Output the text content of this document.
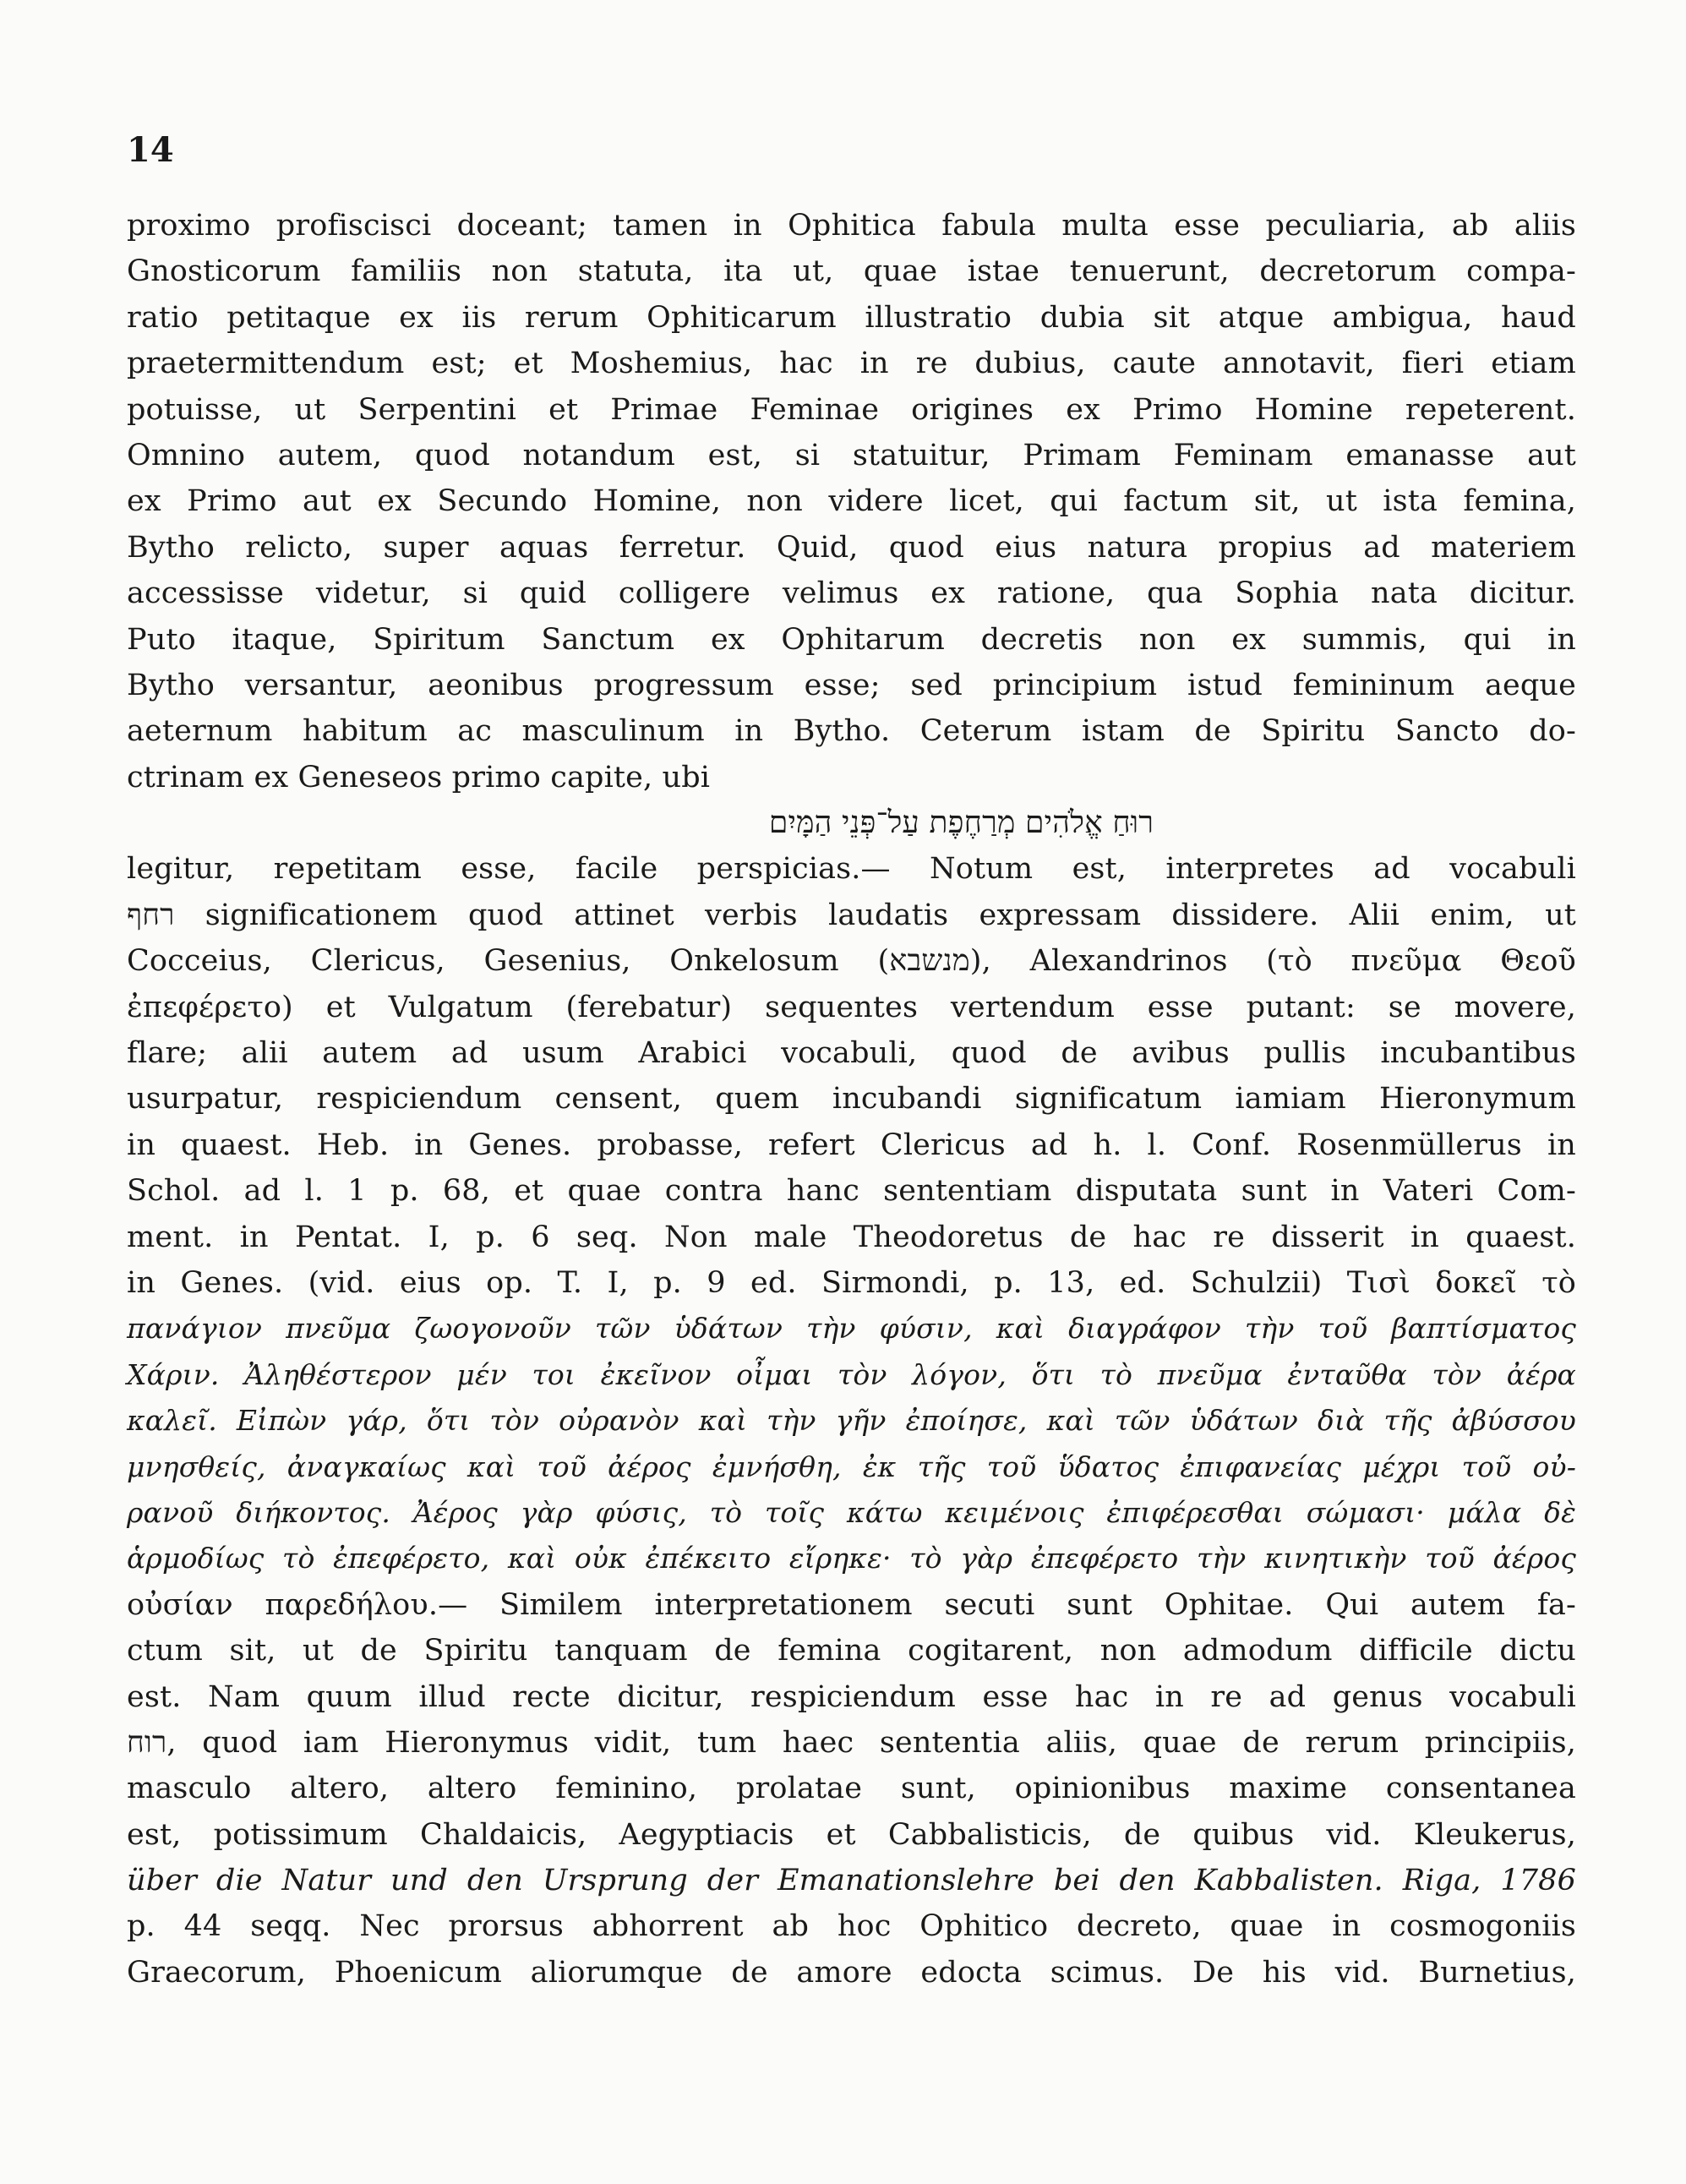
14
proximo profiscisci doceant; tamen in Ophitica fabula multa esse peculiaria, ab aliis
Gnosticorum familiis non statuta, ita ut, quae istae tenuerunt, decretorum compa-
ratio petitaque ex iis rerum Ophiticarum illustratio dubia sit atque ambigua, haud
praetermittendum est; et Moshemius, hac in re dubius, caute annotavit, fieri etiam
potuisse, ut Serpentini et Primae Feminae origines ex Primo Homine repeterent.
Omnino autem, quod notandum est, si statuitur, Primam Feminam emanasse aut
ex Primo aut ex Secundo Homine, non videre licet, qui factum sit, ut ista femina,
Bytho relicto, super aquas ferretur. Quid, quod eius natura propius ad materiem
accessisse videtur, si quid colligere velimus ex ratione, qua Sophia nata dicitur.
Puto itaque, Spiritum Sanctum ex Ophitarum decretis non ex summis, qui in
Bytho versantur, aeonibus progressum esse; sed principium istud femininum aeque
aeternum habitum ac masculinum in Bytho. Ceterum istam de Spiritu Sancto do-
ctrinam ex Geneseos primo capite, ubi
רוּחַ אֱלֹהִים מְרַחֶפֶת עַל־פְּנֵי הַמָּיִם
legitur, repetitam esse, facile perspicias.— Notum est, interpretes ad vocabuli
רחף significationem quod attinet verbis laudatis expressam dissidere. Alii enim, ut
Cocceius, Clericus, Gesenius, Onkelosum (מנשבא), Alexandrinos (τὸ πνεῦμα Θεοῦ
ἐπεφέρετο) et Vulgatum (ferebatur) sequentes vertendum esse putant: se movere,
flare; alii autem ad usum Arabici vocabuli, quod de avibus pullis incubantibus
usurpatur, respiciendum censent, quem incubandi significatum iamiam Hieronymum
in quaest. Heb. in Genes. probasse, refert Clericus ad h. l. Conf. Rosenmüllerus in
Schol. ad l. 1 p. 68, et quae contra hanc sententiam disputata sunt in Vateri Com-
ment. in Pentat. I, p. 6 seq. Non male Theodoretus de hac re disserit in quaest.
in Genes. (vid. eius op. T. I, p. 9 ed. Sirmondi, p. 13, ed. Schulzii) Τισὶ δοκεῖ τὸ
πανάγιον πνεῦμα ζωογονοῦν τῶν ὑδάτων τὴν φύσιν, καὶ διαγράφον τὴν τοῦ βαπτίσματος
Χάριν. Ἀληθέστερον μέν τοι ἐκεῖνον οἶμαι τὸν λόγον, ὅτι τὸ πνεῦμα ἐνταῦθα τὸν ἀέρα
καλεῖ. Εἰπὼν γάρ, ὅτι τὸν οὐρανὸν καὶ τὴν γῆν ἐποίησε, καὶ τῶν ὑδάτων διὰ τῆς ἀβύσσου
μνησθείς, ἀναγκαίως καὶ τοῦ ἀέρος ἐμνήσθη, ἐκ τῆς τοῦ ὕδατος ἐπιφανείας μέχρι τοῦ οὐ-
ρανοῦ διήκοντος. Ἀέρος γὰρ φύσις, τὸ τοῖς κάτω κειμένοις ἐπιφέρεσθαι σώμασι· μάλα δὲ
ἁρμοδίως τὸ ἐπεφέρετο, καὶ οὐκ ἐπέκειτο εἴρηκε· τὸ γὰρ ἐπεφέρετο τὴν κινητικὴν τοῦ ἀέρος
οὐσίαν παρεδήλου.— Similem interpretationem secuti sunt Ophitae. Qui autem fa-
ctum sit, ut de Spiritu tanquam de femina cogitarent, non admodum difficile dictu
est. Nam quum illud recte dicitur, respiciendum esse hac in re ad genus vocabuli
רוח, quod iam Hieronymus vidit, tum haec sententia aliis, quae de rerum principiis,
masculo altero, altero feminino, prolatae sunt, opinionibus maxime consentanea
est, potissimum Chaldaicis, Aegyptiacis et Cabbalisticis, de quibus vid. Kleukerus,
über die Natur und den Ursprung der Emanationslehre bei den Kabbalisten. Riga, 1786
p. 44 seqq. Nec prorsus abhorrent ab hoc Ophitico decreto, quae in cosmogoniis
Graecorum, Phoenicum aliorumque de amore edocta scimus. De his vid. Burnetius,
